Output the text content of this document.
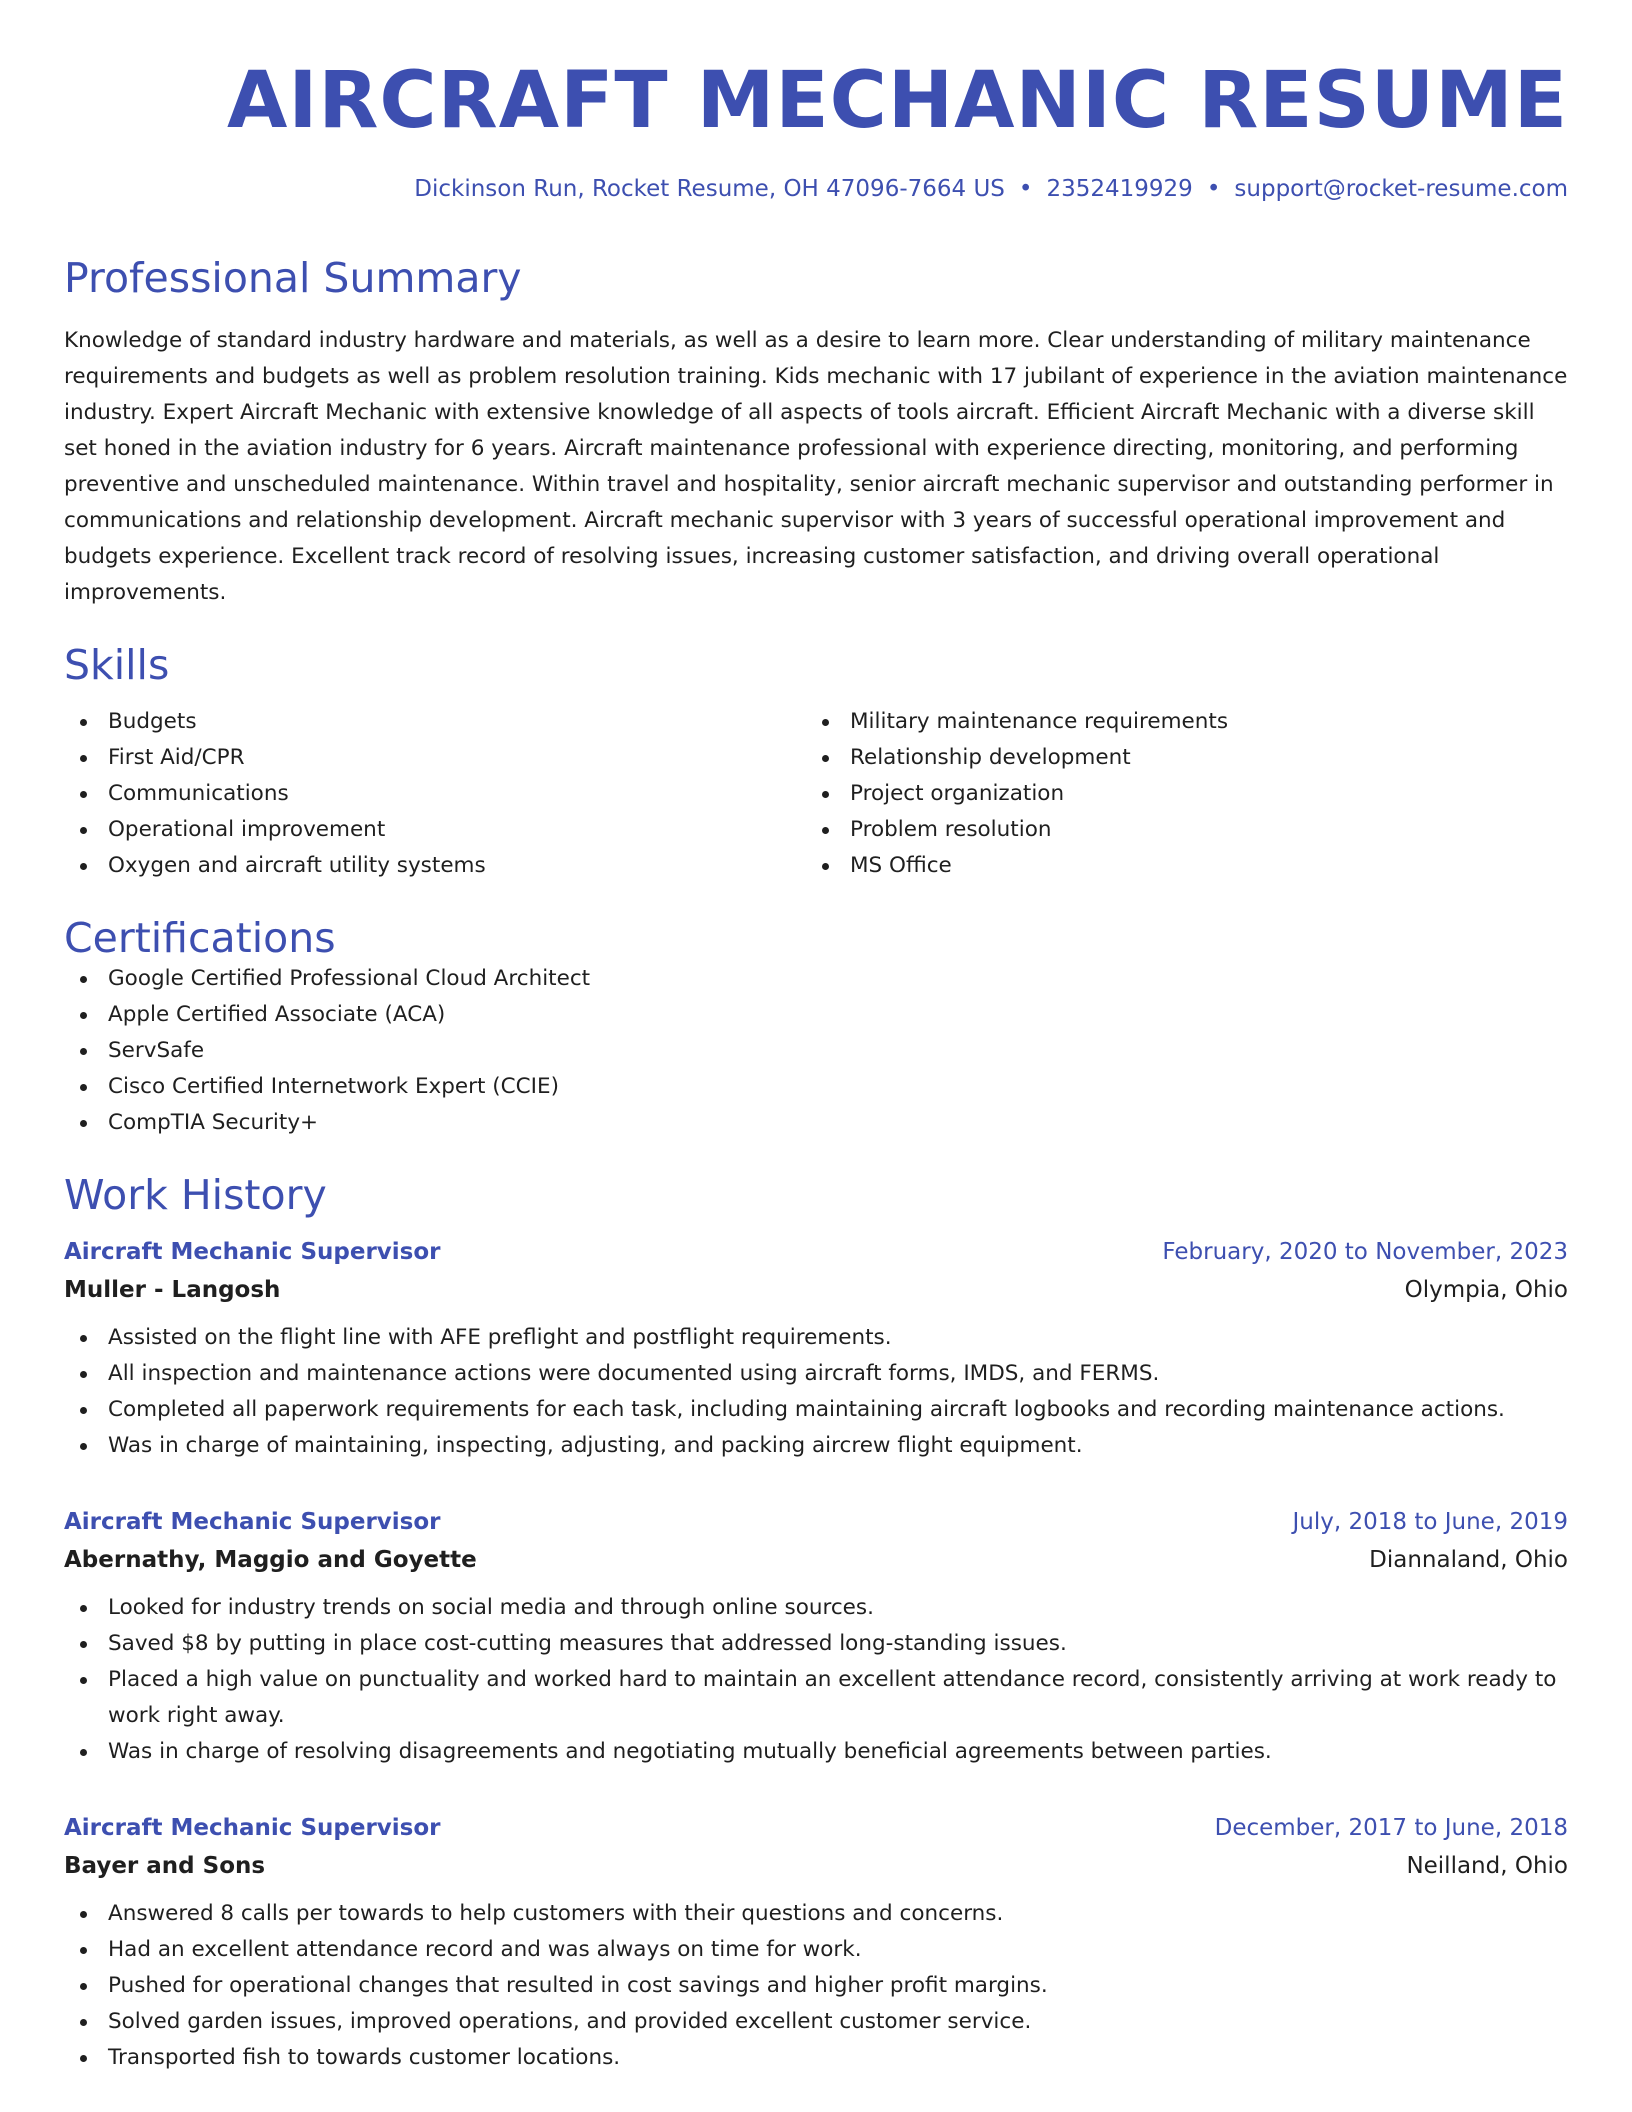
AIRCRAFT MECHANIC RESUME
Dickinson Run, Rocket Resume, OH 47096-7664 US • 2352419929 • support@rocket-resume.com
Professional Summary

Knowledge of standard industry hardware and materials, as well as a desire to learn more. Clear understanding of military maintenance requirements and budgets as well as problem resolution training. Kids mechanic with 17 jubilant of experience in the aviation maintenance industry. Expert Aircraft Mechanic with extensive knowledge of all aspects of tools aircraft. Efficient Aircraft Mechanic with a diverse skill set honed in the aviation industry for 6 years. Aircraft maintenance professional with experience directing, monitoring, and performing preventive and unscheduled maintenance. Within travel and hospitality, senior aircraft mechanic supervisor and outstanding performer in communications and relationship development. Aircraft mechanic supervisor with 3 years of successful operational improvement and budgets experience. Excellent track record of resolving issues, increasing customer satisfaction, and driving overall operational improvements.

Skills
Budgets
First Aid/CPR
Communications
Operational improvement
Oxygen and aircraft utility systems
Military maintenance requirements
Relationship development
Project organization
Problem resolution
MS Office
Certifications
Google Certified Professional Cloud Architect
Apple Certified Associate (ACA)
ServSafe
Cisco Certified Internetwork Expert (CCIE)
CompTIA Security+
Work History
Aircraft Mechanic Supervisor	February, 2020 to November, 2023
Muller - Langosh	Olympia, Ohio
Assisted on the flight line with AFE preflight and postflight requirements.
All inspection and maintenance actions were documented using aircraft forms, IMDS, and FERMS.
Completed all paperwork requirements for each task, including maintaining aircraft logbooks and recording maintenance actions.
Was in charge of maintaining, inspecting, adjusting, and packing aircrew flight equipment.
Aircraft Mechanic Supervisor	July, 2018 to June, 2019
Abernathy, Maggio and Goyette	Diannaland, Ohio
Looked for industry trends on social media and through online sources.
Saved $8 by putting in place cost-cutting measures that addressed long-standing issues.
Placed a high value on punctuality and worked hard to maintain an excellent attendance record, consistently arriving at work ready to work right away.
Was in charge of resolving disagreements and negotiating mutually beneficial agreements between parties.
Aircraft Mechanic Supervisor	December, 2017 to June, 2018
Bayer and Sons	Neilland, Ohio
Answered 8 calls per towards to help customers with their questions and concerns.
Had an excellent attendance record and was always on time for work.
Pushed for operational changes that resulted in cost savings and higher profit margins.
Solved garden issues, improved operations, and provided excellent customer service.
Transported fish to towards customer locations.
